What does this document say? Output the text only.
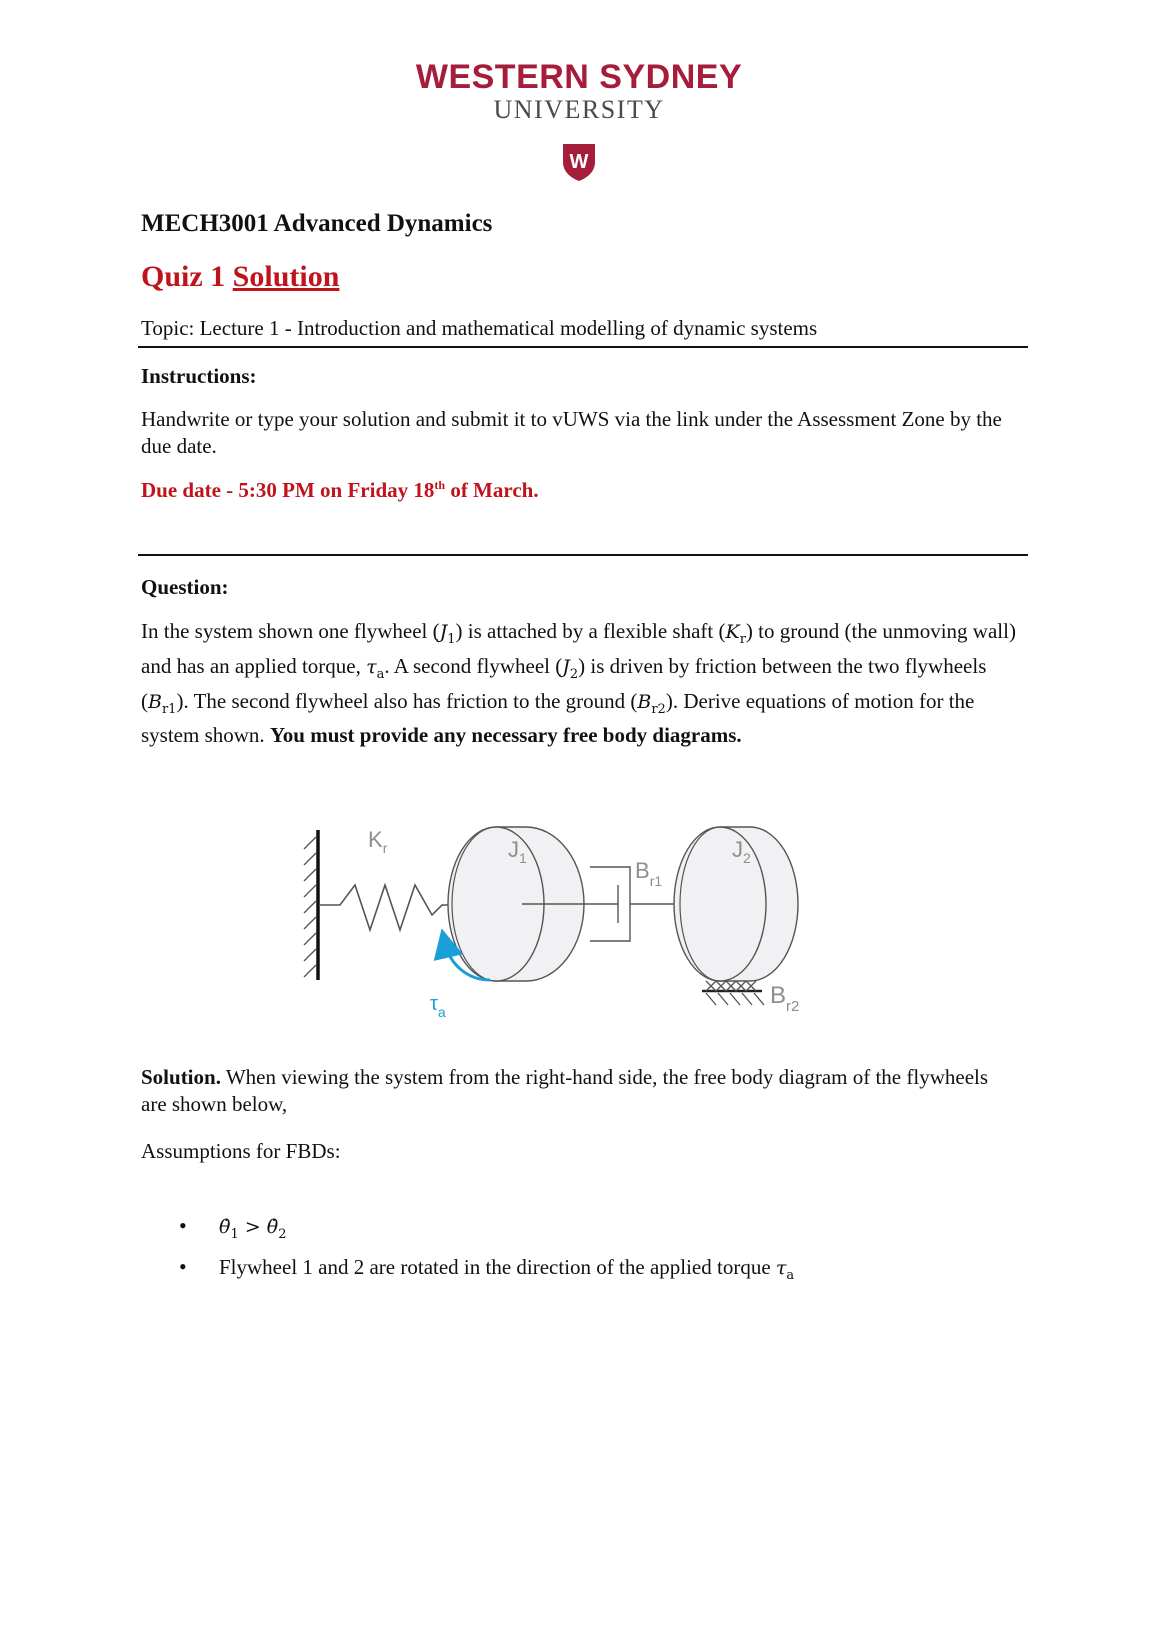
WESTERN SYDNEY
UNIVERSITY
W
MECH3001 Advanced Dynamics
Quiz 1 Solution
Topic: Lecture 1 - Introduction and mathematical modelling of dynamic systems
Instructions:
Handwrite or type your solution and submit it to vUWS via the link under the Assessment Zone by the due date.
Due date - 5:30 PM on Friday 18th of March.
Question:
In the system shown one flywheel $(J_1)$ is attached by a flexible shaft $(K_r)$ to ground (the unmoving wall) and has an applied torque, $\tau_a$. A second flywheel $(J_2)$ is driven by friction between the two flywheels $(B_{r1})$. The second flywheel also has friction to the ground $(B_{r2})$. Derive equations of motion for the system shown. You must provide any necessary free body diagrams.
$K_r$	$J_1$	$J_2$
$B_{r1}$
$B_{r2}$
$\tau_a$
Solution. When viewing the system from the right-hand side, the free body diagram of the flywheels are shown below,
Assumptions for FBDs:
• $\thetȧ_1$ > $\thetȧ_2$
• Flywheel 1 and 2 are rotated in the direction of the applied torque $\tau_a$
